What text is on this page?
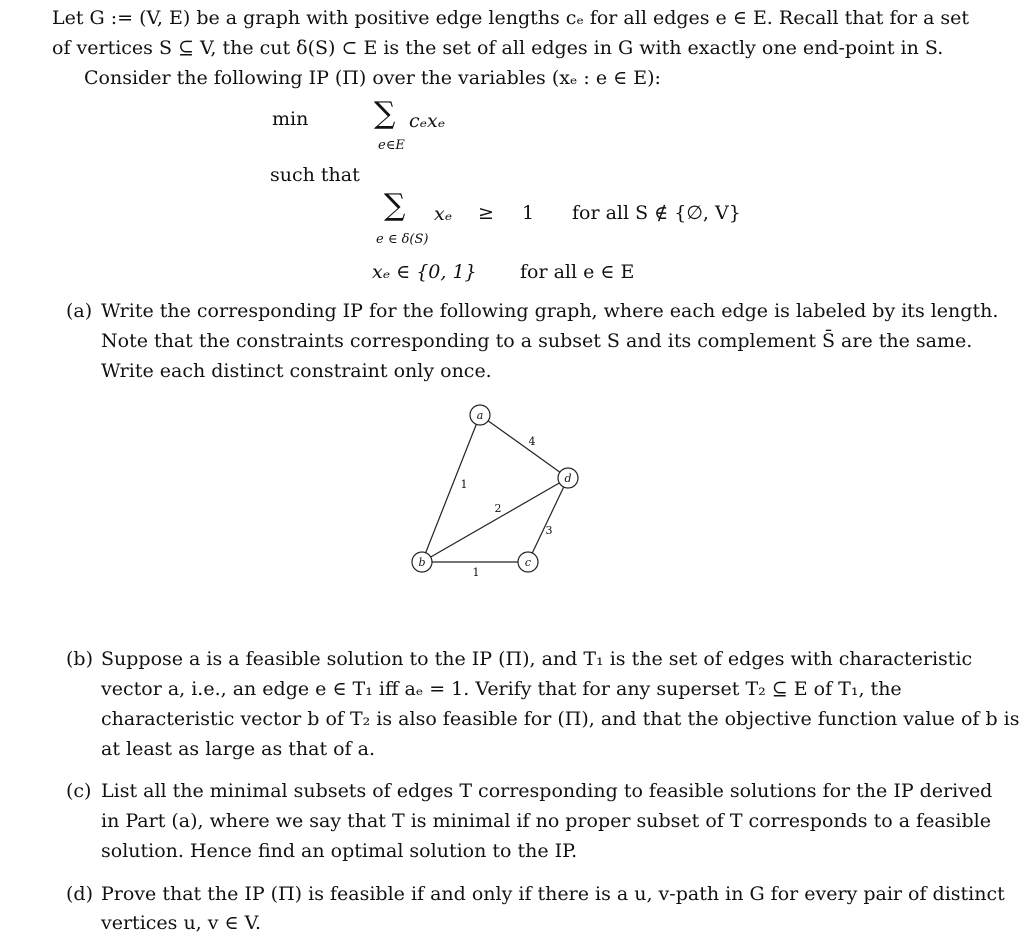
Let G := (V, E) be a graph with positive edge lengths cₑ for all edges e ∈ E. Recall that for a set
of vertices S ⊆ V, the cut δ(S) ⊂ E is the set of all edges in G with exactly one end-point in S.
Consider the following IP (Π) over the variables (xₑ : e ∈ E):
min ∑ cₑxₑ
e∈E
such that
∑ xₑ
e ∈ δ(S)
≥ 1 for all S ∉ {∅, V}
xₑ ∈ {0, 1} for all e ∈ E
(a) Write the corresponding IP for the following graph, where each edge is labeled by its length.
Note that the constraints corresponding to a subset S and its complement S̄ are the same.
Write each distinct constraint only once.
a
b	c
d
1
4
2
1
3
(b) Suppose a is a feasible solution to the IP (Π), and T₁ is the set of edges with characteristic
vector a, i.e., an edge e ∈ T₁ iff aₑ = 1. Verify that for any superset T₂ ⊆ E of T₁, the
characteristic vector b of T₂ is also feasible for (Π), and that the objective function value of b is
at least as large as that of a.
(c) List all the minimal subsets of edges T corresponding to feasible solutions for the IP derived
in Part (a), where we say that T is minimal if no proper subset of T corresponds to a feasible
solution. Hence find an optimal solution to the IP.
(d) Prove that the IP (Π) is feasible if and only if there is a u, v-path in G for every pair of distinct
vertices u, v ∈ V.
